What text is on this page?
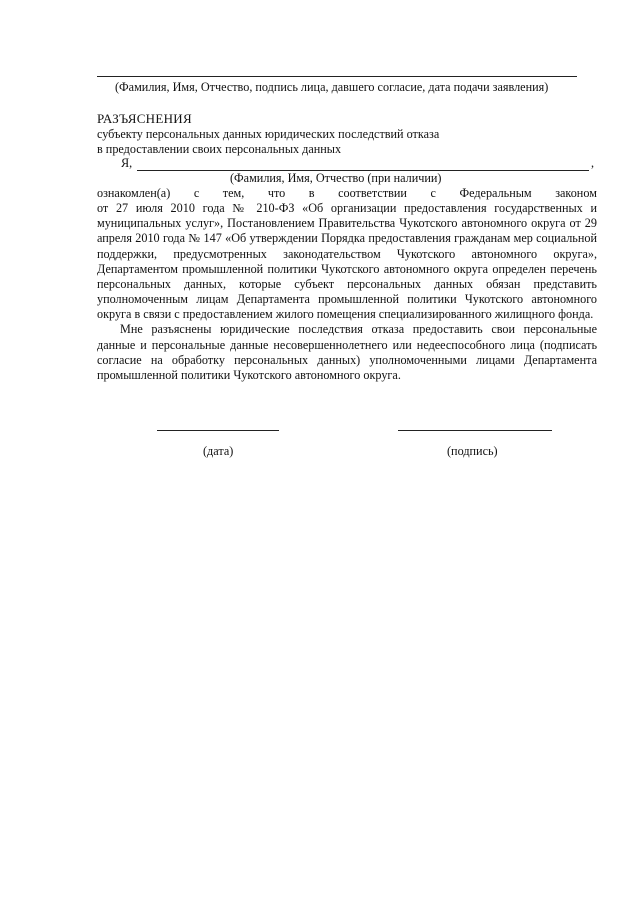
(Фамилия, Имя, Отчество, подпись лица, давшего согласие, дата подачи заявления)
РАЗЪЯСНЕНИЯ
субъекту персональных данных юридических последствий отказа
в предоставлении своих персональных данных
Я,	,
(Фамилия, Имя, Отчество (при наличии)
ознакомлен(а) с тем, что в соответствии с Федеральным законом

от 27 июля 2010 года № 210-ФЗ «Об организации предоставления государственных и муниципальных услуг», Постановлением Правительства Чукотского автономного округа от 29 апреля 2010 года № 147 «Об утверждении Порядка предоставления гражданам мер социальной поддержки, предусмотренных законодательством Чукотского автономного округа», Департаментом промышленной политики Чукотского автономного округа определен перечень персональных данных, которые субъект персональных данных обязан представить уполномоченным лицам Департамента промышленной политики Чукотского автономного округа в связи с предоставлением жилого помещения специализированного жилищного фонда.

Мне разъяснены юридические последствия отказа предоставить свои персональные данные и персональные данные несовершеннолетнего или недееспособного лица (подписать согласие на обработку персональных данных) уполномоченными лицами Департамента промышленной политики Чукотского автономного округа.

(дата)	(подпись)
